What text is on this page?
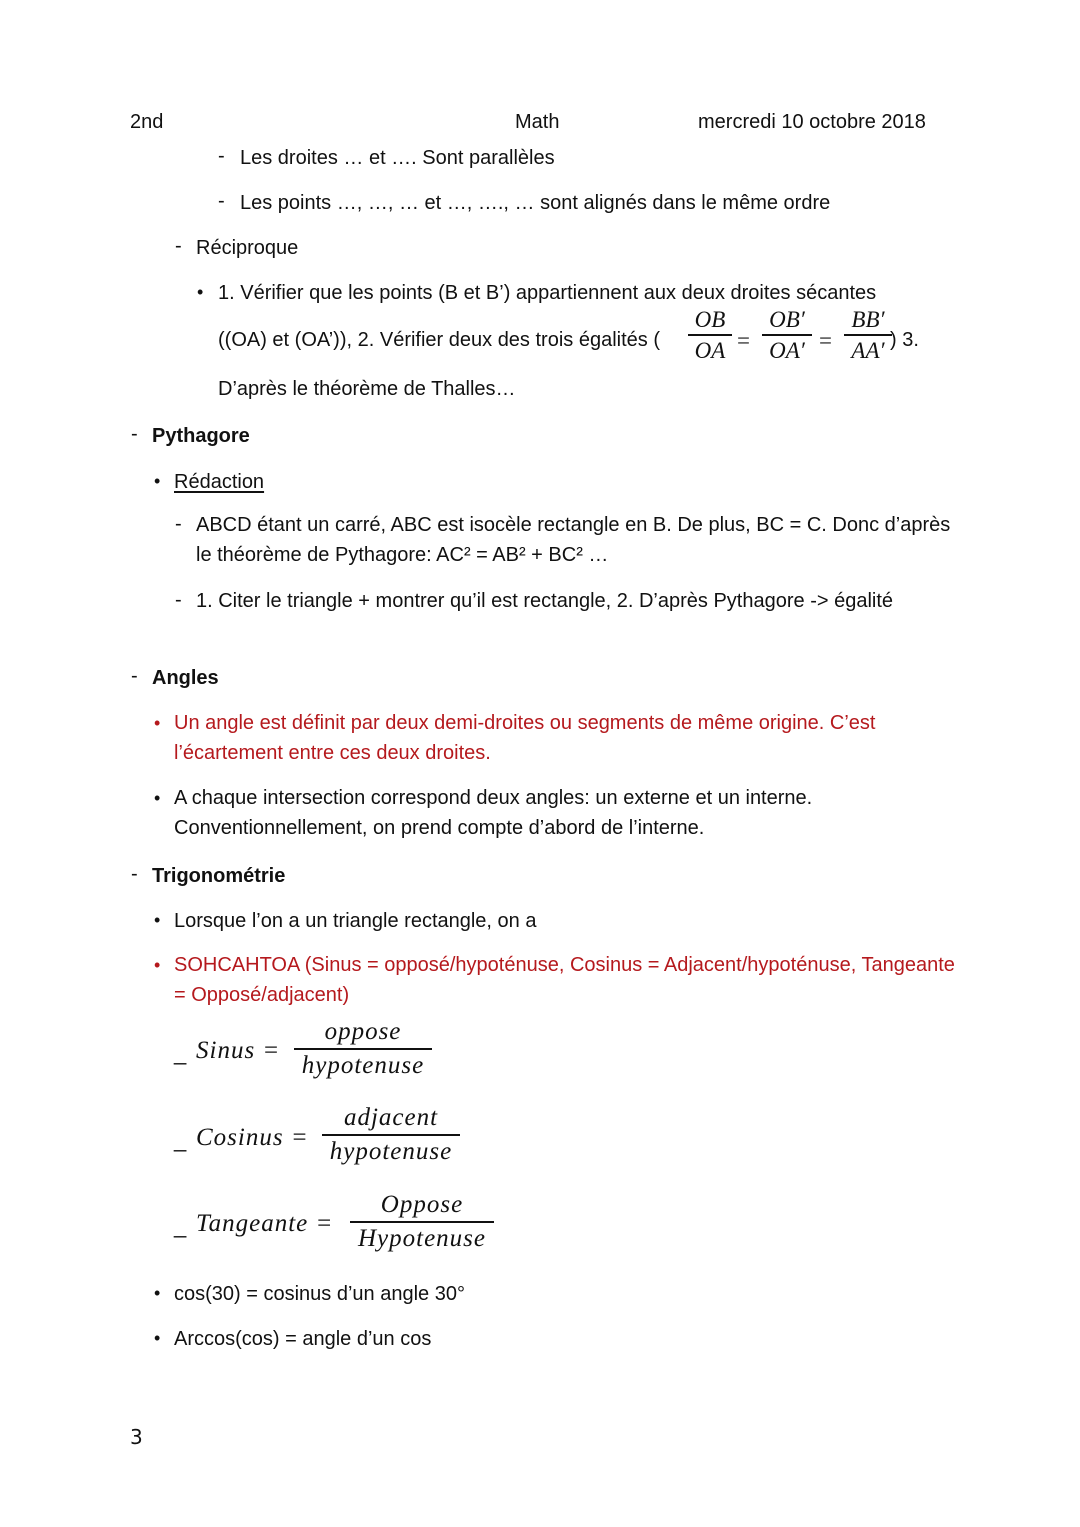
2nd	Math	mercredi 10 octobre 2018
- Les droites … et …. Sont parallèles
- Les points …, …, … et …, …., … sont alignés dans le même ordre
- Réciproque
• 1. Vérifier que les points (B et B’) appartiennent aux deux droites sécantes
((OA) et (OA’)), 2. Vérifier deux des trois égalités (
OB
OA =
OB′
OA′ =
BB′
AA′ ) 3.
D’après le théorème de Thalles…
- Pythagore
• Rédaction
- ABCD étant un carré, ABC est isocèle rectangle en B. De plus, BC = C. Donc d’après le théorème de Pythagore: AC² = AB² + BC² …
- 1. Citer le triangle + montrer qu’il est rectangle, 2. D’après Pythagore -> égalité
- Angles
• Un angle est définit par deux demi-droites ou segments de même origine. C’est l’écartement entre ces deux droites.
• A chaque intersection correspond deux angles: un externe et un interne. Conventionnellement, on prend compte d’abord de l’interne.
- Trigonométrie
• Lorsque l’on a un triangle rectangle, on a
• SOHCAHTOA (Sinus = opposé/hypoténuse, Cosinus = Adjacent/hypoténuse, Tangeante = Opposé/adjacent)
_ Sinus =
oppose
hypotenuse
_ Cosinus =
adjacent
hypotenuse
_ Tangeante =
Oppose
Hypotenuse
• cos(30) = cosinus d’un angle 30°
• Arccos(cos) = angle d’un cos
3
